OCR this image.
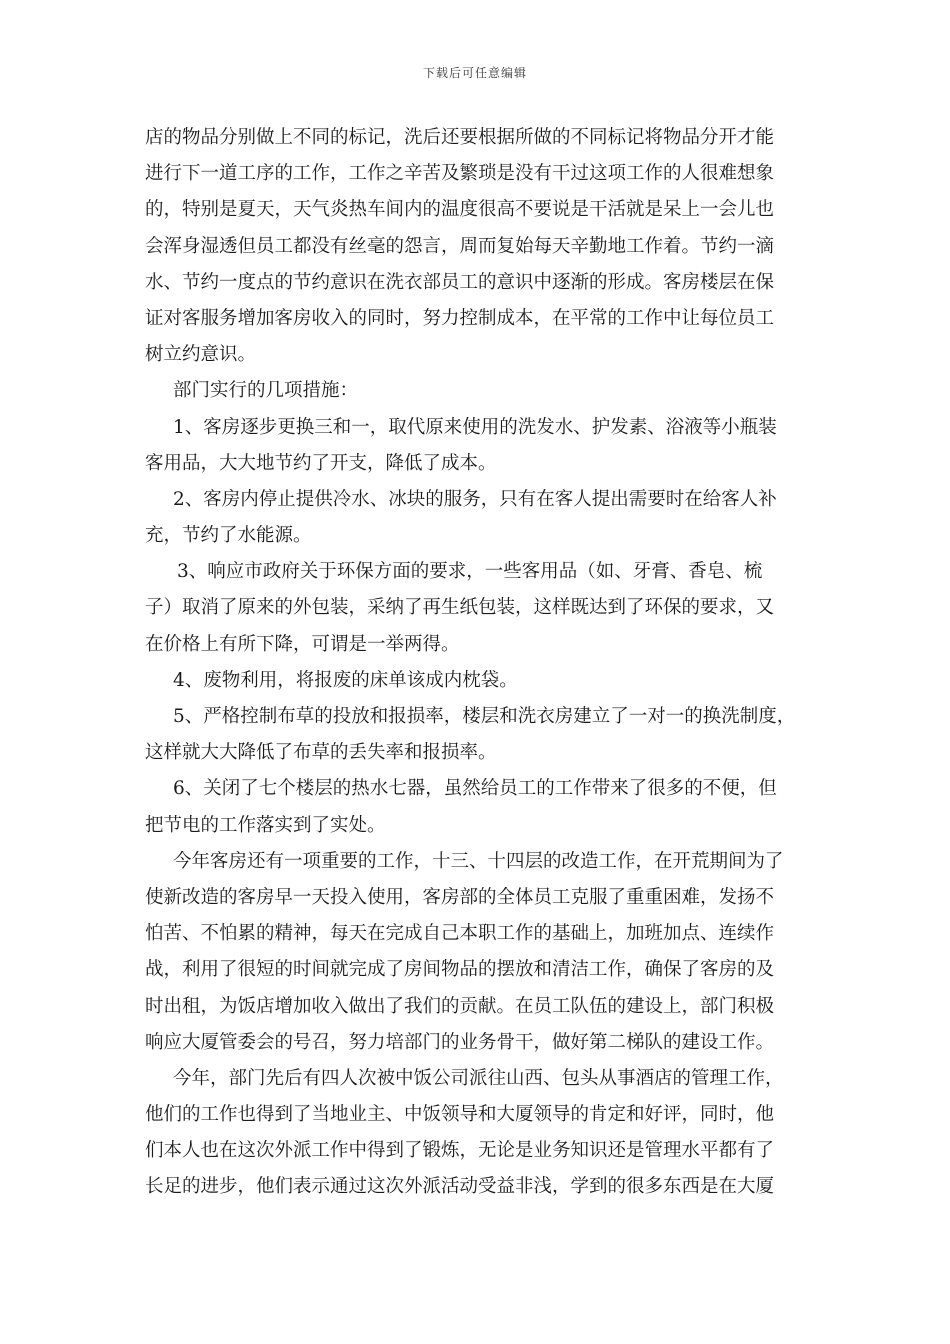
下载后可任意编辑
店的物品分别做上不同的标记，洗后还要根据所做的不同标记将物品分开才能
进行下一道工序的工作，工作之辛苦及繁琐是没有干过这项工作的人很难想象
的，特别是夏天，天气炎热车间内的温度很高不要说是干活就是呆上一会儿也
会浑身湿透但员工都没有丝毫的怨言，周而复始每天辛勤地工作着。节约一滴
水、节约一度点的节约意识在洗衣部员工的意识中逐渐的形成。客房楼层在保
证对客服务增加客房收入的同时，努力控制成本，在平常的工作中让每位员工
树立约意识。
部门实行的几项措施：
1、客房逐步更换三和一，取代原来使用的洗发水、护发素、浴液等小瓶装
客用品，大大地节约了开支，降低了成本。
2、客房内停止提供冷水、冰块的服务，只有在客人提出需要时在给客人补
充，节约了水能源。
3、响应市政府关于环保方面的要求，一些客用品（如、牙膏、香皂、梳
子）取消了原来的外包装，采纳了再生纸包装，这样既达到了环保的要求，又
在价格上有所下降，可谓是一举两得。
4、废物利用，将报废的床单该成内枕袋。
5、严格控制布草的投放和报损率，楼层和洗衣房建立了一对一的换洗制度，
这样就大大降低了布草的丢失率和报损率。
6、关闭了七个楼层的热水七器，虽然给员工的工作带来了很多的不便，但
把节电的工作落实到了实处。
今年客房还有一项重要的工作，十三、十四层的改造工作，在开荒期间为了
使新改造的客房早一天投入使用，客房部的全体员工克服了重重困难，发扬不
怕苦、不怕累的精神，每天在完成自己本职工作的基础上，加班加点、连续作
战，利用了很短的时间就完成了房间物品的摆放和清洁工作，确保了客房的及
时出租，为饭店增加收入做出了我们的贡献。在员工队伍的建设上，部门积极
响应大厦管委会的号召，努力培部门的业务骨干，做好第二梯队的建设工作。
今年，部门先后有四人次被中饭公司派往山西、包头从事酒店的管理工作，
他们的工作也得到了当地业主、中饭领导和大厦领导的肯定和好评，同时，他
们本人也在这次外派工作中得到了锻炼，无论是业务知识还是管理水平都有了
长足的进步，他们表示通过这次外派活动受益非浅，学到的很多东西是在大厦
